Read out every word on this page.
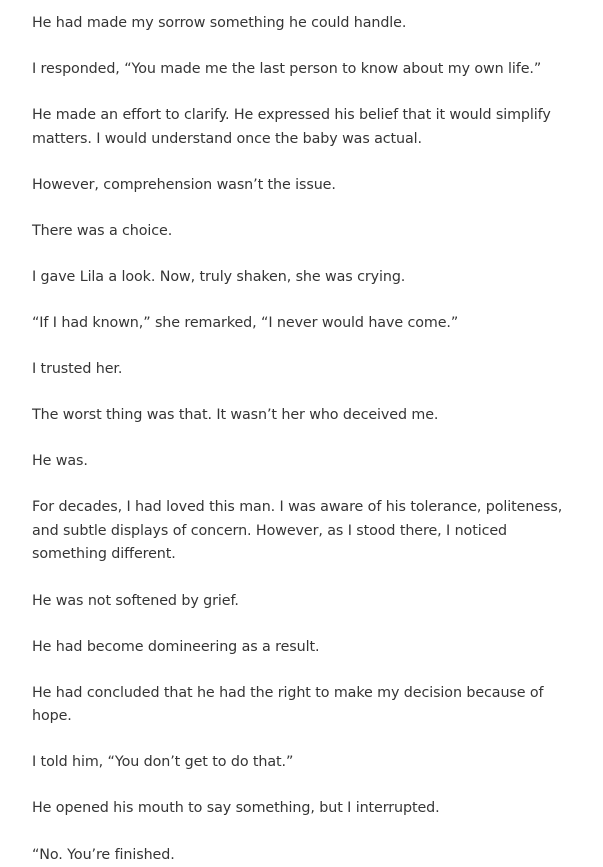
He had made my sorrow something he could handle.

I responded, “You made me the last person to know about my own life.”

He made an effort to clarify. He expressed his belief that it would simplify matters. I would understand once the baby was actual.

However, comprehension wasn’t the issue.

There was a choice.

I gave Lila a look. Now, truly shaken, she was crying.

“If I had known,” she remarked, “I never would have come.”

I trusted her.

The worst thing was that. It wasn’t her who deceived me.

He was.

For decades, I had loved this man. I was aware of his tolerance, politeness, and subtle displays of concern. However, as I stood there, I noticed something different.

He was not softened by grief.

He had become domineering as a result.

He had concluded that he had the right to make my decision because of hope.

I told him, “You don’t get to do that.”

He opened his mouth to say something, but I interrupted.

“No. You’re finished.
